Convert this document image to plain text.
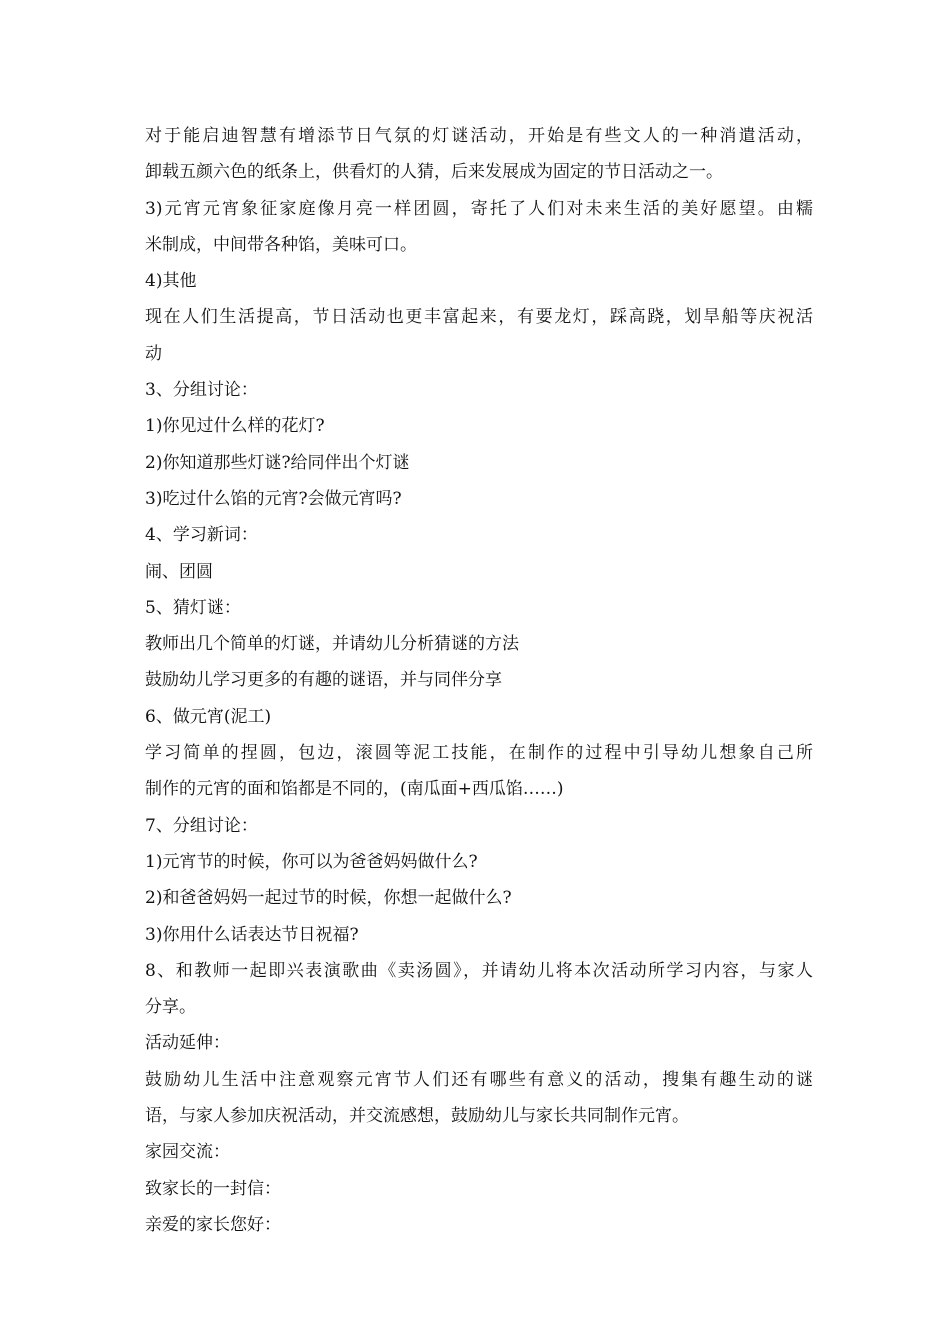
对于能启迪智慧有增添节日气氛的灯谜活动，开始是有些文人的一种消遣活动，
卸载五颜六色的纸条上，供看灯的人猜，后来发展成为固定的节日活动之一。
3)元宵元宵象征家庭像月亮一样团圆，寄托了人们对未来生活的美好愿望。由糯
米制成，中间带各种馅，美味可口。
4)其他
现在人们生活提高，节日活动也更丰富起来，有要龙灯，踩高跷，划旱船等庆祝活
动
3、分组讨论：
1)你见过什么样的花灯?
2)你知道那些灯谜?给同伴出个灯谜
3)吃过什么馅的元宵?会做元宵吗?
4、学习新词：
闹、团圆
5、猜灯谜：
教师出几个简单的灯谜，并请幼儿分析猜谜的方法
鼓励幼儿学习更多的有趣的谜语，并与同伴分享
6、做元宵(泥工)
学习简单的捏圆，包边，滚圆等泥工技能，在制作的过程中引导幼儿想象自己所
制作的元宵的面和馅都是不同的，(南瓜面+西瓜馅……)
7、分组讨论：
1)元宵节的时候，你可以为爸爸妈妈做什么?
2)和爸爸妈妈一起过节的时候，你想一起做什么?
3)你用什么话表达节日祝福?
8、和教师一起即兴表演歌曲《卖汤圆》，并请幼儿将本次活动所学习内容，与家人
分享。
活动延伸：
鼓励幼儿生活中注意观察元宵节人们还有哪些有意义的活动，搜集有趣生动的谜
语，与家人参加庆祝活动，并交流感想，鼓励幼儿与家长共同制作元宵。
家园交流：
致家长的一封信：
亲爱的家长您好：
